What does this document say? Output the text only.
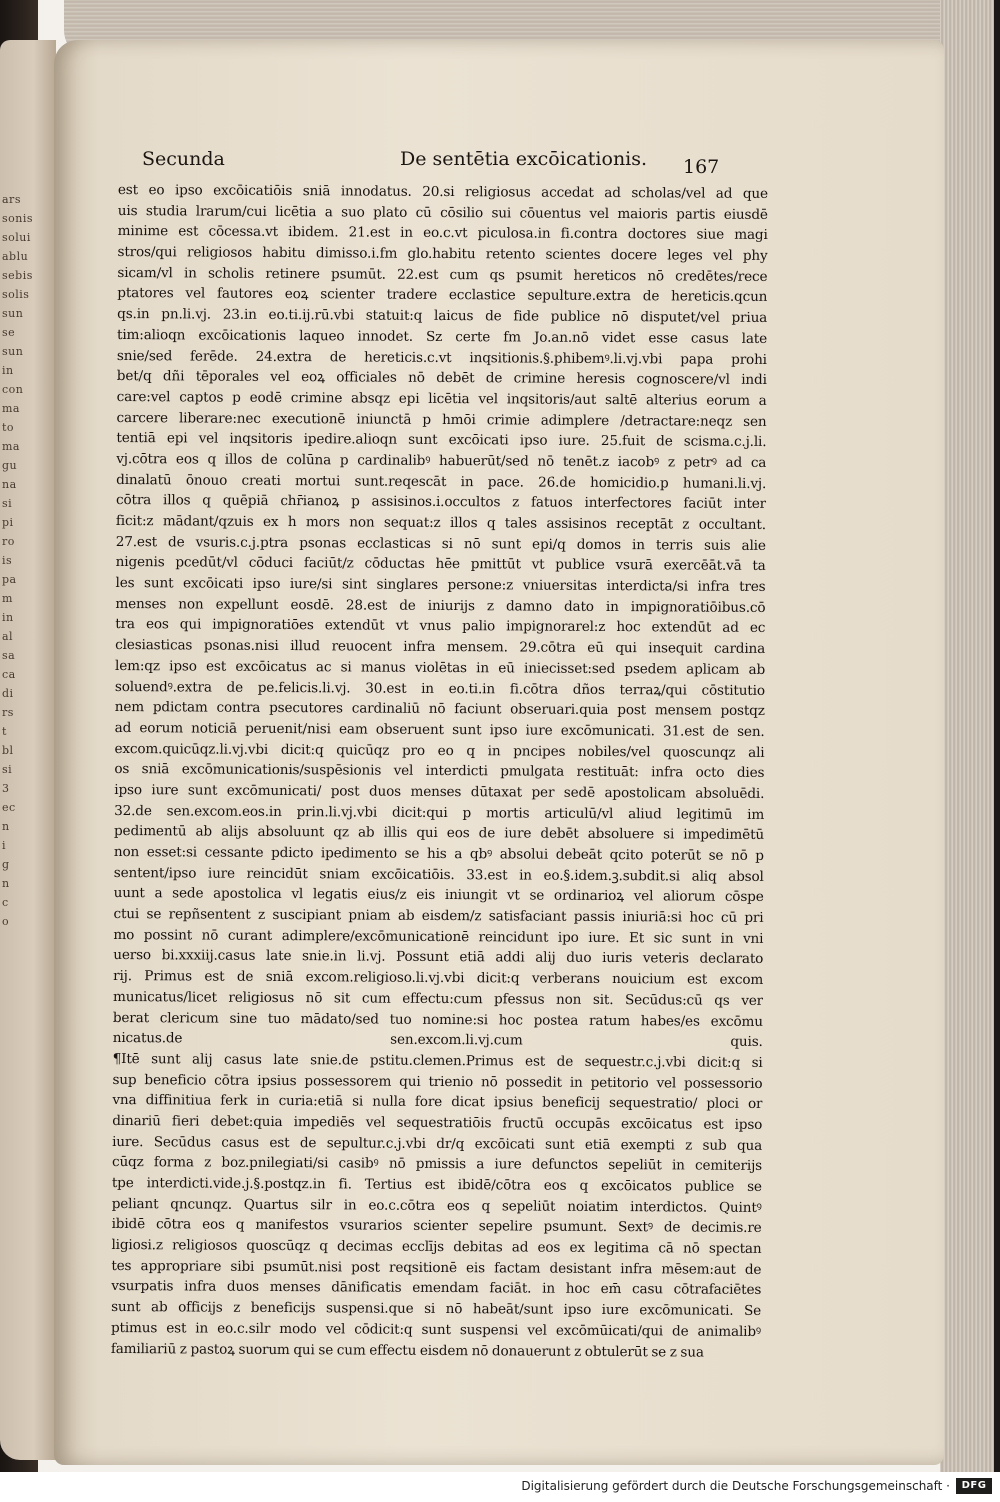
ars
sonis
solui
ablu
sebis
solis
sun
se
sun
in
con
ma
to
ma
gu
na
si
pi
ro
is
pa
m
in
al
sa
ca
di
rs
t
bl
si
3
ec
n
i
g
n
c
o
Secunda	De sentētia excōicationis. 167
est eo ipso excōicatiōis sniā innodatus. 20.si religiosus accedat ad scholas/vel ad que
uis studia lrarum/cui licētia a suo plato cū cōsilio sui cōuentus vel maioris partis eiusdē
minime est cōcessa.vt ibidem. 21.est in eo.c.vt piculosa.in fi.contra doctores siue magi
stros/qui religiosos habitu dimisso.i.fm glo.habitu retento scientes docere leges vel phy
sicam/vl in scholis retinere psumūt. 22.est cum qs psumit hereticos nō credētes/rece
ptatores vel fautores eoꝝ scienter tradere ecclastice sepulture.extra de hereticis.qcun
qs.in pn.li.vj. 23.in eo.ti.ij.rū.vbi statuit:q laicus de fide publice nō disputet/vel priua
tim:alioqn excōicationis laqueo innodet. Sz certe fm Jo.an.nō videt esse casus late
snie/sed ferēde. 24.extra de hereticis.c.vt inqsitionis.§.phibemꝰ.li.vj.vbi papa prohi
bet/q dñi tēporales vel eoꝝ officiales nō debēt de crimine heresis cognoscere/vl indi
care:vel captos p eodē crimine absqz epi licētia vel inqsitoris/aut saltē alterius eorum a
carcere liberare:nec executionē iniunctā p hmōi crimie adimplere /detractare:neqz sen
tentiā epi vel inqsitoris ipedire.alioqn sunt excōicati ipso iure. 25.fuit de scisma.c.j.li.
vj.cōtra eos q illos de colūna p cardinalibꝰ habuerūt/sed nō tenēt.z iacobꝰ z petrꝰ ad ca
dinalatū ōnouo creati mortui sunt.reqescāt in pace. 26.de homicidio.p humani.li.vj.
cōtra illos q quēpiā chr̄ianoꝝ p assisinos.i.occultos z fatuos interfectores faciūt inter
ficit:z mādant/qzuis ex h mors non sequat:z illos q tales assisinos receptāt z occultant.
27.est de vsuris.c.j.ptra psonas ecclasticas si nō sunt epi/q domos in terris suis alie
nigenis pcedūt/vl cōduci faciūt/z cōductas hēe pmittūt vt publice vsurā exercēāt.vā ta
les sunt excōicati ipso iure/si sint singlares persone:z vniuersitas interdicta/si infra tres
menses non expellunt eosdē. 28.est de iniurijs z damno dato in impignoratiōibus.cō
tra eos qui impignoratiōes extendūt vt vnus palio impignorarel:z hoc extendūt ad ec
clesiasticas psonas.nisi illud reuocent infra mensem. 29.cōtra eū qui insequit cardina
lem:qz ipso est excōicatus ac si manus violētas in eū iniecisset:sed psedem aplicam ab
soluendꝰ.extra de pe.felicis.li.vj. 30.est in eo.ti.in fi.cōtra dños terraꝝ/qui cōstitutio
nem pdictam contra psecutores cardinaliū nō faciunt obseruari.quia post mensem postqz
ad eorum noticiā peruenit/nisi eam obseruent sunt ipso iure excōmunicati. 31.est de sen.
excom.quicūqz.li.vj.vbi dicit:q quicūqz pro eo q in pncipes nobiles/vel quoscunqz ali
os sniā excōmunicationis/suspēsionis vel interdicti pmulgata restituāt: infra octo dies
ipso iure sunt excōmunicati/ post duos menses dūtaxat per sedē apostolicam absoluēdi.
32.de sen.excom.eos.in prin.li.vj.vbi dicit:qui p mortis articulū/vl aliud legitimū im
pedimentū ab alijs absoluunt qz ab illis qui eos de iure debēt absoluere si impedimētū
non esset:si cessante pdicto ipedimento se his a qbꝰ absolui debeāt qcito poterūt se nō p
sentent/ipso iure reincidūt sniam excōicatiōis. 33.est in eo.§.idem.ꝫ.subdit.si aliq absol
uunt a sede apostolica vl legatis eius/z eis iniungit vt se ordinarioꝝ vel aliorum cōspe
ctui se repñsentent z suscipiant pniam ab eisdem/z satisfaciant passis iniuriā:si hoc cū pri
mo possint nō curant adimplere/excōmunicationē reincidunt ipo iure. Et sic sunt in vni
uerso bi.xxxiij.casus late snie.in li.vj. Possunt etiā addi alij duo iuris veteris declarato
rij. Primus est de sniā excom.religioso.li.vj.vbi dicit:q verberans nouicium est excom
municatus/licet religiosus nō sit cum effectu:cum pfessus non sit. Secūdus:cū qs ver
berat clericum sine tuo mādato/sed tuo nomine:si hoc postea ratum habes/es excōmu
nicatus.de sen.excom.li.vj.cum quis.
¶Itē sunt alij casus late snie.de pstitu.clemen.Primus est de sequestr.c.j.vbi dicit:q si
sup beneficio cōtra ipsius possessorem qui trienio nō possedit in petitorio vel possessorio
vna diffinitiua ferk in curia:etiā si nulla fore dicat ipsius beneficij sequestratio/ ploci or
dinariū fieri debet:quia impediēs vel sequestratiōis fructū occupās excōicatus est ipso
iure. Secūdus casus est de sepultur.c.j.vbi dr/q excōicati sunt etiā exempti z sub qua
cūqz forma z boz.pnilegiati/si casibꝰ nō pmissis a iure defunctos sepeliūt in cemiterijs
tpe interdicti.vide.j.§.postqz.in fi. Tertius est ibidē/cōtra eos q excōicatos publice se
peliant qncunqz. Quartus silr in eo.c.cōtra eos q sepeliūt noiatim interdictos. Quintꝰ
ibidē cōtra eos q manifestos vsurarios scienter sepelire psumunt. Sextꝰ de decimis.re
ligiosi.z religiosos quoscūqz q decimas ecclījs debitas ad eos ex legitima cā nō spectan
tes appropriare sibi psumūt.nisi post reqsitionē eis factam desistant infra mēsem:aut de
vsurpatis infra duos menses dānificatis emendam faciāt. in hoc em̄ casu cōtrafaciētes
sunt ab officijs z beneficijs suspensi.que si nō habeāt/sunt ipso iure excōmunicati. Se
ptimus est in eo.c.silr modo vel cōdicit:q sunt suspensi vel excōmūicati/qui de animalibꝰ
familiariū z pastoꝝ suorum qui se cum effectu eisdem nō donauerunt z obtulerūt se z sua
Digitalisierung gefördert durch die Deutsche Forschungsgemeinschaft ·	DFG
